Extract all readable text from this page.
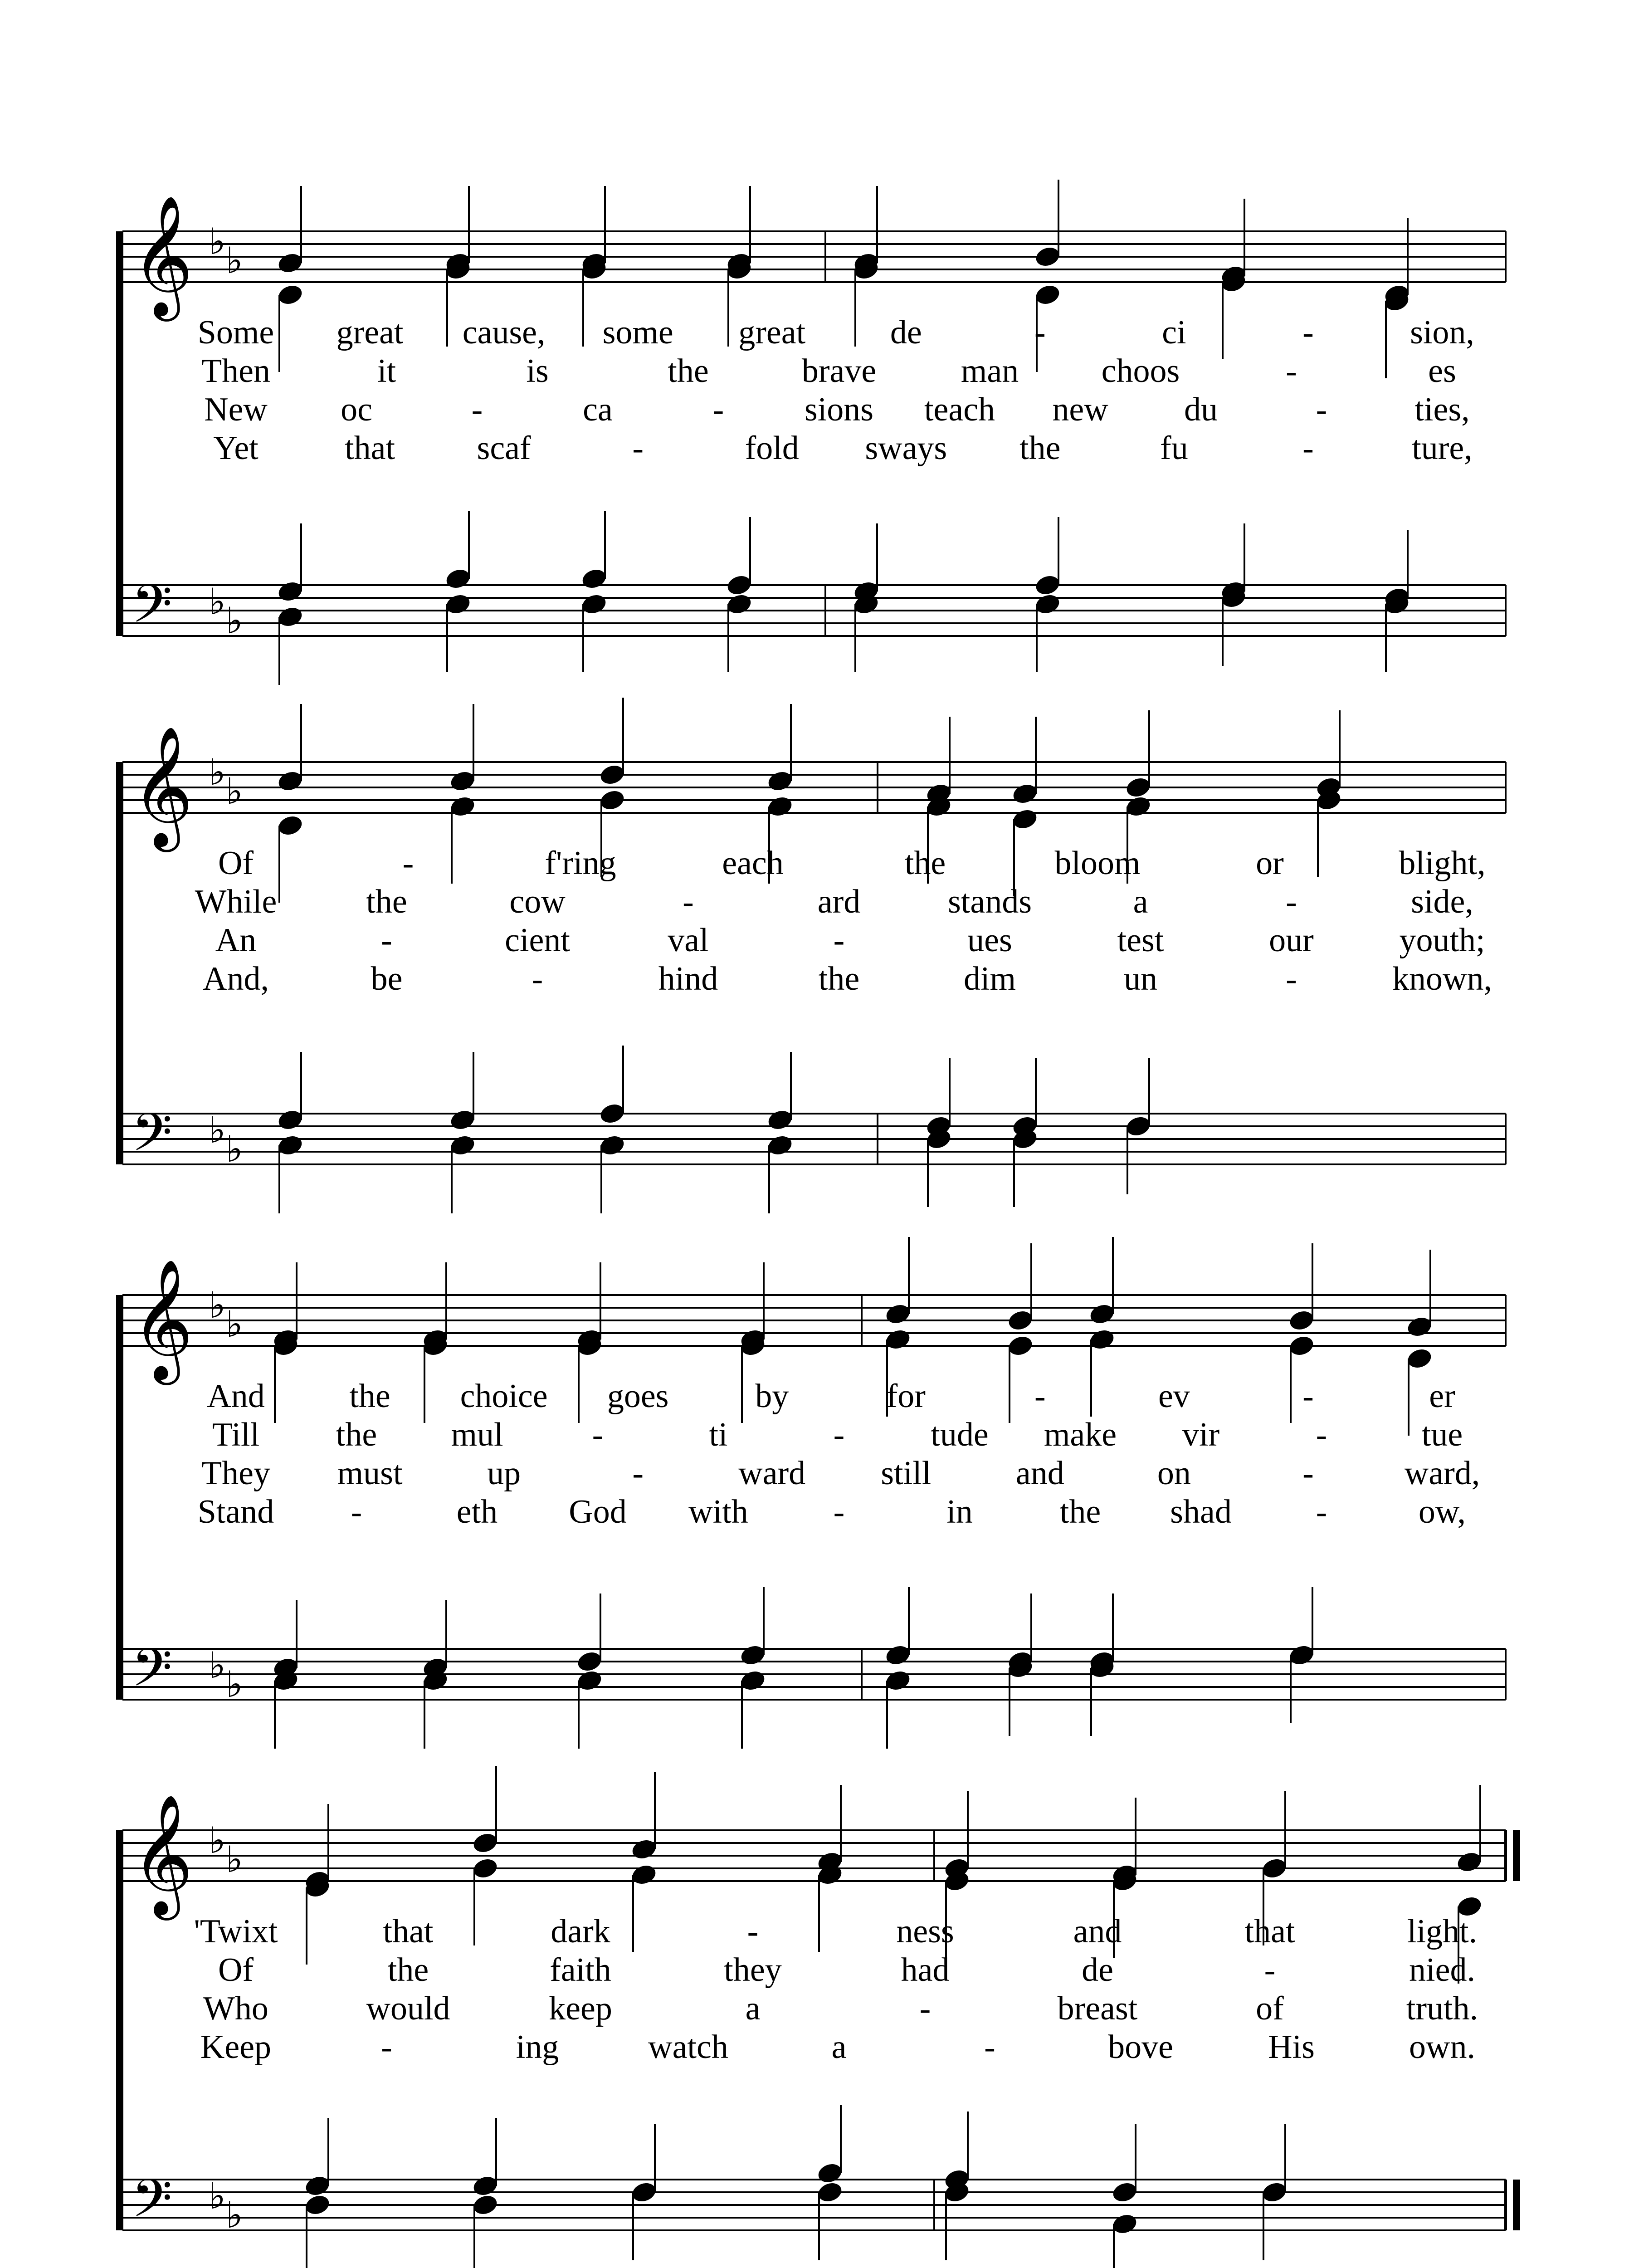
𝄞 ♭ ♭
𝄢 ♭ ♭
𝄞 ♭ ♭
𝄢 ♭ ♭
𝄞 ♭ ♭
𝄢 ♭ ♭
𝄞 ♭ ♭
𝄢 ♭ ♭
Some great cause, some great	de	-	ci	-	sion,
Then	it	is	the	brave	man choos	-	es
New oc	-	ca	- sions teach new du	-	ties,
Yet	that scaf	-	fold sways the	fu	-	ture,
Of	-	f'ring	each	the	bloom	or	blight,
While	the	cow	-	ard	stands	a	-	side,
An	-	cient	val	-	ues	test	our	youth;
And,	be	-	hind	the	dim	un	-	known,
And	the choice goes	by	for	-	ev	-	er
Till the mul	-	ti	-	tude make vir	-	tue
They must	up	-	ward still	and	on	-	ward,
Stand -	eth God with	-	in	the shad	-	ow,
'Twixt	that	dark	-	ness	and	that	light.
Of	the	faith	they	had	de	-	nied.
Who	would	keep	a	-	breast	of	truth.
Keep	-	ing	watch	a	-	bove	His	own.
